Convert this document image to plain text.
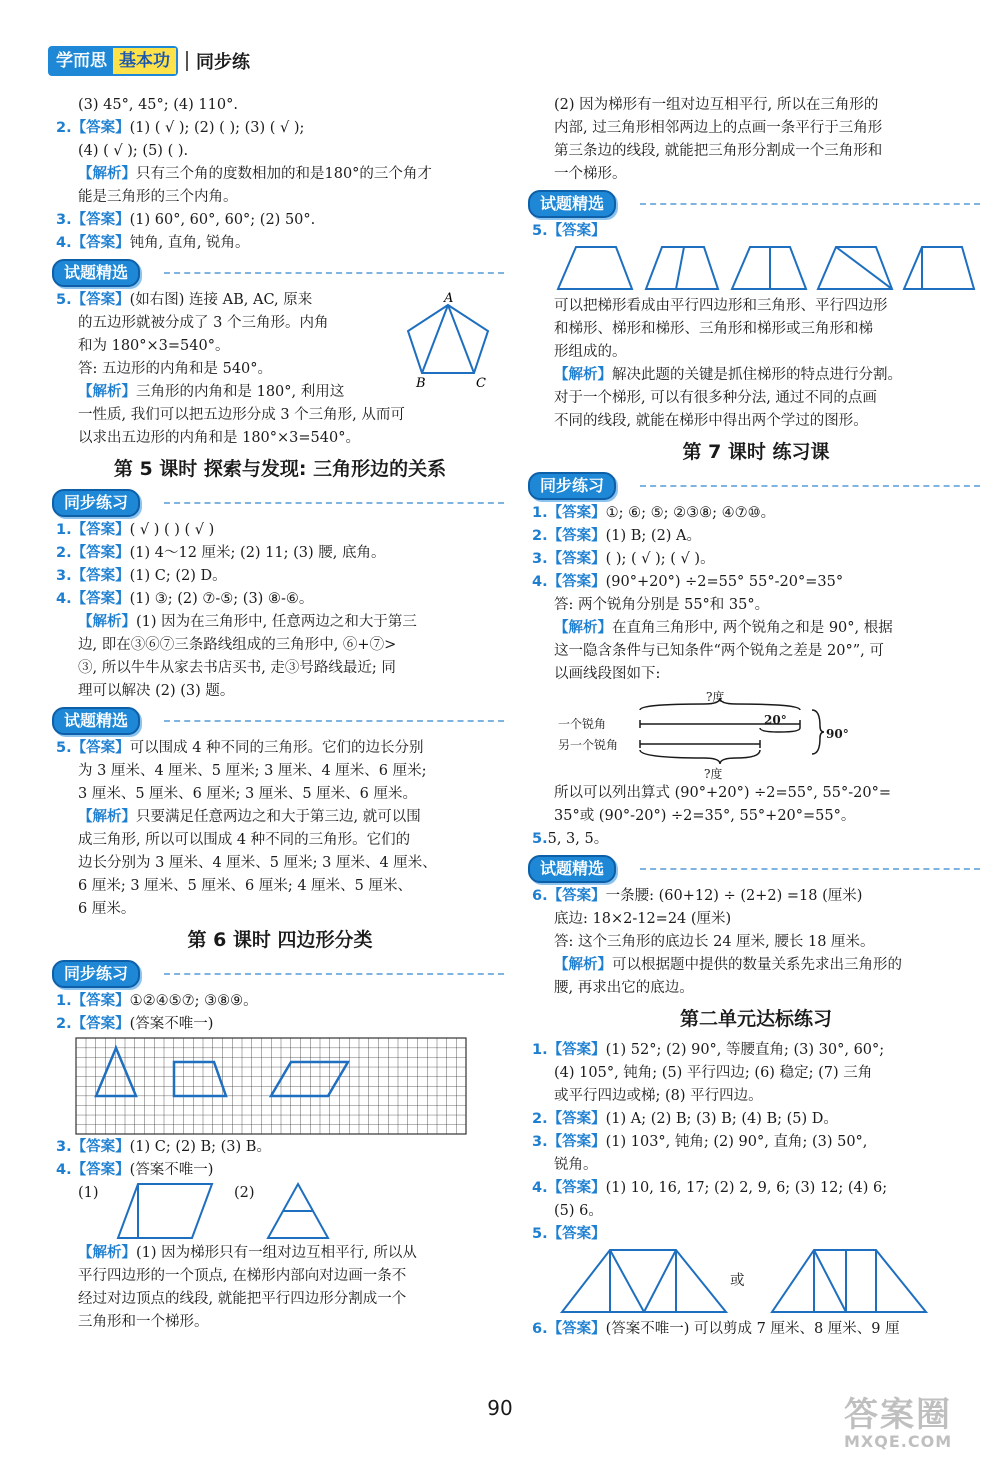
学而思 基本功	同步练
(3) 45°, 45°; (4) 110°.
2.【答案】(1) ( √ ); (2) ( ); (3) ( √ );
(4) ( √ ); (5) ( ).
【解析】只有三个角的度数相加的和是180°的三个角才
能是三角形的三个内角。
3.【答案】(1) 60°, 60°, 60°; (2) 50°.
4.【答案】钝角, 直角, 锐角。
试题精选
A
B	C
5.【答案】(如右图) 连接 AB, AC, 原来
的五边形就被分成了 3 个三角形。内角
和为 180°×3=540°。
答: 五边形的内角和是 540°。
【解析】三角形的内角和是 180°, 利用这
一性质, 我们可以把五边形分成 3 个三角形, 从而可
以求出五边形的内角和是 180°×3=540°。
第 5 课时 探索与发现: 三角形边的关系
同步练习
1.【答案】( √ ) ( ) ( √ )
2.【答案】(1) 4～12 厘米; (2) 11; (3) 腰, 底角。
3.【答案】(1) C; (2) D。
4.【答案】(1) ③; (2) ⑦-⑤; (3) ⑧-⑥。
【解析】(1) 因为在三角形中, 任意两边之和大于第三
边, 即在③⑥⑦三条路线组成的三角形中, ⑥+⑦>
③, 所以牛牛从家去书店买书, 走③号路线最近; 同
理可以解决 (2) (3) 题。
试题精选
5.【答案】可以围成 4 种不同的三角形。它们的边长分别
为 3 厘米、4 厘米、5 厘米; 3 厘米、4 厘米、6 厘米;
3 厘米、5 厘米、6 厘米; 3 厘米、5 厘米、6 厘米。
【解析】只要满足任意两边之和大于第三边, 就可以围
成三角形, 所以可以围成 4 种不同的三角形。它们的
边长分别为 3 厘米、4 厘米、5 厘米; 3 厘米、4 厘米、
6 厘米; 3 厘米、5 厘米、6 厘米; 4 厘米、5 厘米、
6 厘米。
第 6 课时 四边形分类
同步练习
1.【答案】①②④⑤⑦; ③⑧⑨。
2.【答案】(答案不唯一)
3.【答案】(1) C; (2) B; (3) B。
4.【答案】(答案不唯一)
(1)	(2)
【解析】(1) 因为梯形只有一组对边互相平行, 所以从
平行四边形的一个顶点, 在梯形内部向对边画一条不
经过对边顶点的线段, 就能把平行四边形分割成一个
三角形和一个梯形。
(2) 因为梯形有一组对边互相平行, 所以在三角形的
内部, 过三角形相邻两边上的点画一条平行于三角形
第三条边的线段, 就能把三角形分割成一个三角形和
一个梯形。
试题精选
5.【答案】
可以把梯形看成由平行四边形和三角形、平行四边形
和梯形、梯形和梯形、三角形和梯形或三角形和梯
形组成的。
【解析】解决此题的关键是抓住梯形的特点进行分割。
对于一个梯形, 可以有很多种分法, 通过不同的点画
不同的线段, 就能在梯形中得出两个学过的图形。
第 7 课时 练习课
同步练习
1.【答案】①; ⑥; ⑤; ②③⑧; ④⑦⑩。
2.【答案】(1) B; (2) A。
3.【答案】( ); ( √ ); ( √ )。
4.【答案】(90°+20°) ÷2=55° 55°-20°=35°
答: 两个锐角分别是 55°和 35°。
【解析】在直角三角形中, 两个锐角之和是 90°, 根据
这一隐含条件与已知条件“两个锐角之差是 20°”, 可
以画线段图如下:
?度
一个锐角
另一个锐角
20°
90°
?度
所以可以列出算式 (90°+20°) ÷2=55°, 55°-20°=
35°或 (90°-20°) ÷2=35°, 55°+20°=55°。
5.5, 3, 5。
试题精选
6.【答案】一条腰: (60+12) ÷ (2+2) =18 (厘米)
底边: 18×2-12=24 (厘米)
答: 这个三角形的底边长 24 厘米, 腰长 18 厘米。
【解析】可以根据题中提供的数量关系先求出三角形的
腰, 再求出它的底边。
第二单元达标练习
1.【答案】(1) 52°; (2) 90°, 等腰直角; (3) 30°, 60°;
(4) 105°, 钝角; (5) 平行四边; (6) 稳定; (7) 三角
或平行四边或梯; (8) 平行四边。
2.【答案】(1) A; (2) B; (3) B; (4) B; (5) D。
3.【答案】(1) 103°, 钝角; (2) 90°, 直角; (3) 50°,
锐角。
4.【答案】(1) 10, 16, 17; (2) 2, 9, 6; (3) 12; (4) 6;
(5) 6。
5.【答案】
或
6.【答案】(答案不唯一) 可以剪成 7 厘米、8 厘米、9 厘
90	答案圈
MXQE.COM
